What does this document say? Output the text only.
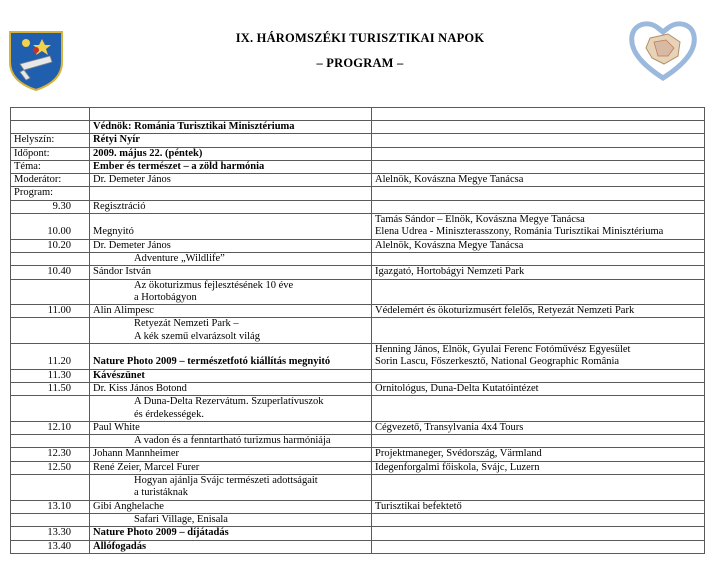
IX. HÁROMSZÉKI TURISZTIKAI NAPOK
– PROGRAM –

	Védnök: Románia Turisztikai Minisztériuma	
Helyszín:	Rétyi Nyír	
Időpont:	2009. május 22. (péntek)	
Téma:	Ember és természet – a zöld harmónia	
Moderátor:	Dr. Demeter János	Alelnök, Kovászna Megye Tanácsa
Program:		
9.30	Regisztráció	
10.00	Megnyitó	Tamás Sándor – Elnök, Kovászna Megye Tanácsa
Elena Udrea - Miniszterasszony, Románia Turisztikai Minisztériuma

10.20	Dr. Demeter János	Alelnök, Kovászna Megye Tanácsa
	Adventure „Wildlife”	
10.40	Sándor István	Igazgató, Hortobágyi Nemzeti Park

	Az ökoturizmus fejlesztésének 10 éve
a Hortobágyon	

11.00	Alin Alimpesc	Védelemért és ökoturizmusért felelős, Retyezát Nemzeti Park

	Retyezát Nemzeti Park –
A kék szemű elvarázsolt világ	

11.20	Nature Photo 2009 – természetfotó kiállítás megnyitó	Henning János, Elnök, Gyulai Ferenc Fotóművész Egyesület
Sorin Lascu, Főszerkesztő, National Geographic România

11.30	Kávészünet	
11.50	Dr. Kiss János Botond	Ornitológus, Duna-Delta Kutatóintézet

	A Duna-Delta Rezervátum. Szuperlatívuszok
és érdekességek.	

12.10	Paul White	Cégvezető, Transylvania 4x4 Tours
	A vadon és a fenntartható turizmus harmóniája	
12.30	Johann Mannheimer	Projektmaneger, Svédország, Värmland
12.50	René Zeier, Marcel Furer	Idegenforgalmi főiskola, Svájc, Luzern

	Hogyan ajánlja Svájc természeti adottságait
a turistáknak	

13.10	Gibi Anghelache	Turisztikai befektető
	Safari Village, Enisala	
13.30	Nature Photo 2009 – díjátadás	
13.40	Állófogadás	
